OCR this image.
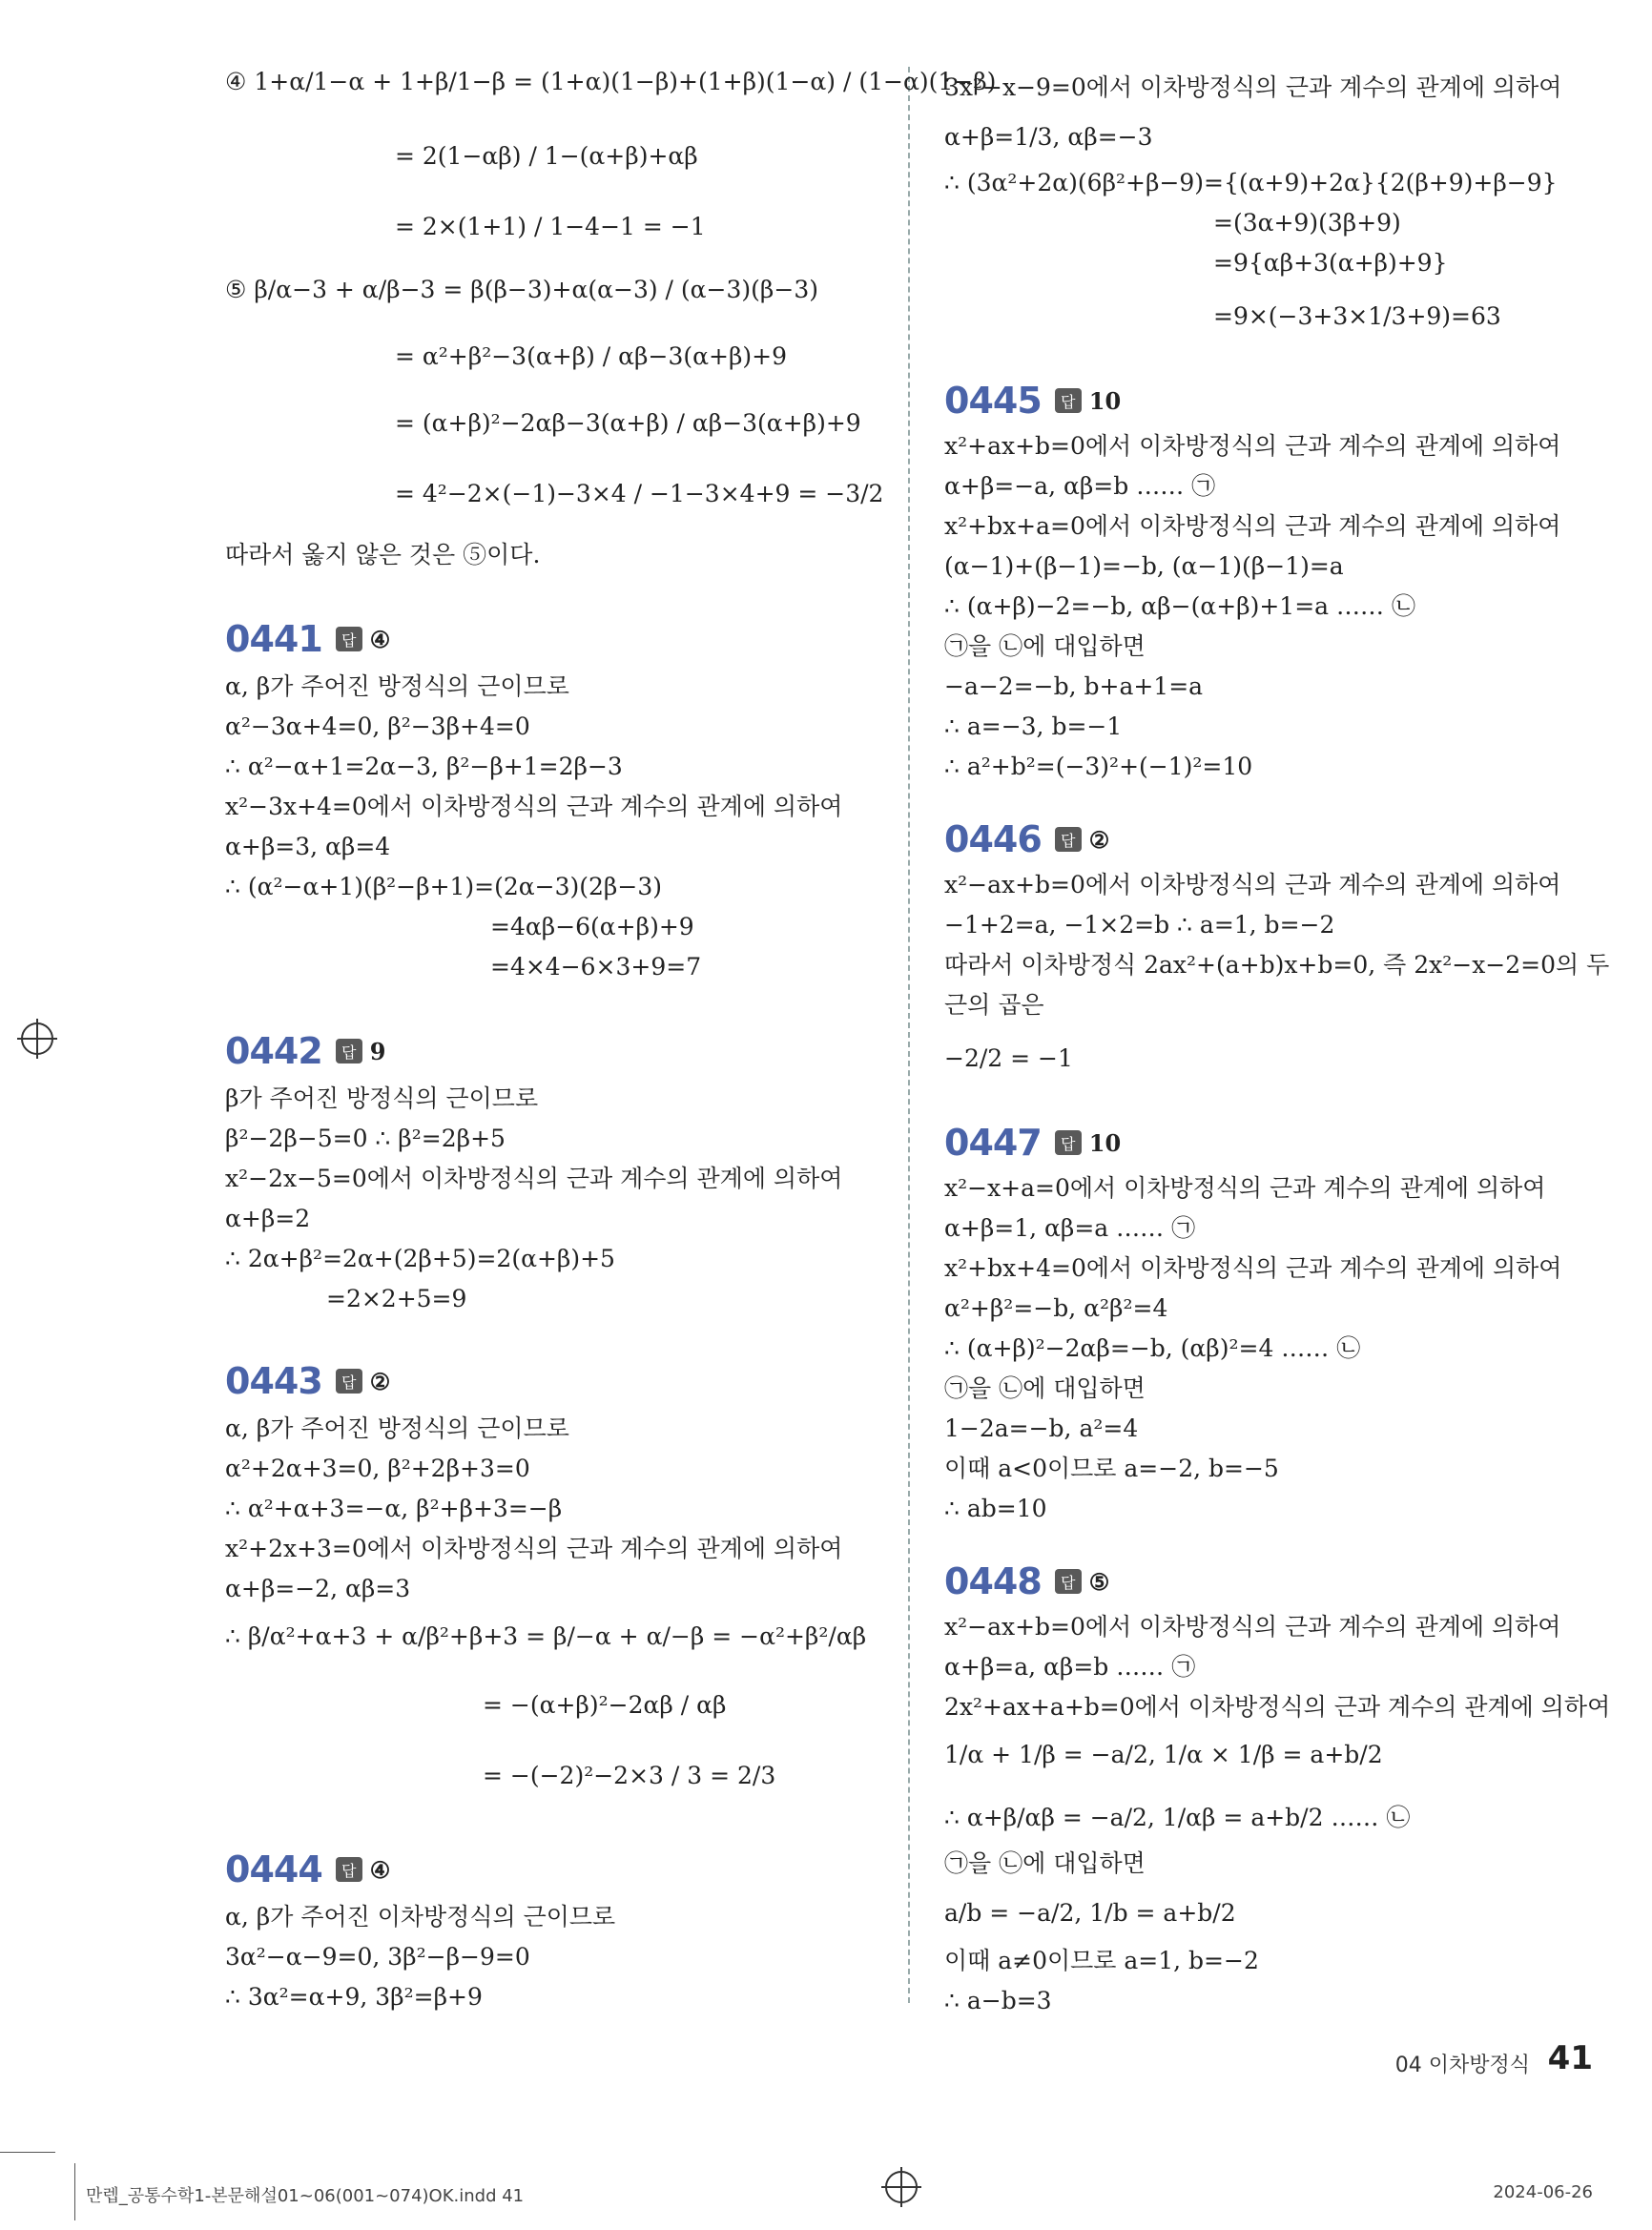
④ 1+α/1−α + 1+β/1−β = (1+α)(1−β)+(1+β)(1−α) / (1−α)(1−β)
= 2(1−αβ) / 1−(α+β)+αβ
= 2×(1+1) / 1−4−1 = −1
⑤ β/α−3 + α/β−3 = β(β−3)+α(α−3) / (α−3)(β−3)
= α²+β²−3(α+β) / αβ−3(α+β)+9
= (α+β)²−2αβ−3(α+β) / αβ−3(α+β)+9
= 4²−2×(−1)−3×4 / −1−3×4+9 = −3/2
따라서 옳지 않은 것은 ⑤이다.
0441	답 ④
α, β가 주어진 방정식의 근이므로
α²−3α+4=0, β²−3β+4=0
∴ α²−α+1=2α−3, β²−β+1=2β−3
x²−3x+4=0에서 이차방정식의 근과 계수의 관계에 의하여
α+β=3, αβ=4
∴ (α²−α+1)(β²−β+1)=(2α−3)(2β−3)
=4αβ−6(α+β)+9
=4×4−6×3+9=7
0442	답 9
β가 주어진 방정식의 근이므로
β²−2β−5=0 ∴ β²=2β+5
x²−2x−5=0에서 이차방정식의 근과 계수의 관계에 의하여
α+β=2
∴ 2α+β²=2α+(2β+5)=2(α+β)+5
=2×2+5=9
0443	답 ②
α, β가 주어진 방정식의 근이므로
α²+2α+3=0, β²+2β+3=0
∴ α²+α+3=−α, β²+β+3=−β
x²+2x+3=0에서 이차방정식의 근과 계수의 관계에 의하여
α+β=−2, αβ=3
∴ β/α²+α+3 + α/β²+β+3 = β/−α + α/−β = −α²+β²/αβ
= −(α+β)²−2αβ / αβ
= −(−2)²−2×3 / 3 = 2/3
0444	답 ④
α, β가 주어진 이차방정식의 근이므로
3α²−α−9=0, 3β²−β−9=0
∴ 3α²=α+9, 3β²=β+9
3x²−x−9=0에서 이차방정식의 근과 계수의 관계에 의하여
α+β=1/3, αβ=−3
∴ (3α²+2α)(6β²+β−9)={(α+9)+2α}{2(β+9)+β−9}
=(3α+9)(3β+9)
=9{αβ+3(α+β)+9}
=9×(−3+3×1/3+9)=63
0445	답 10
x²+ax+b=0에서 이차방정식의 근과 계수의 관계에 의하여
α+β=−a, αβ=b …… ㉠
x²+bx+a=0에서 이차방정식의 근과 계수의 관계에 의하여
(α−1)+(β−1)=−b, (α−1)(β−1)=a
∴ (α+β)−2=−b, αβ−(α+β)+1=a …… ㉡
㉠을 ㉡에 대입하면
−a−2=−b, b+a+1=a
∴ a=−3, b=−1
∴ a²+b²=(−3)²+(−1)²=10
0446	답 ②
x²−ax+b=0에서 이차방정식의 근과 계수의 관계에 의하여
−1+2=a, −1×2=b ∴ a=1, b=−2
따라서 이차방정식 2ax²+(a+b)x+b=0, 즉 2x²−x−2=0의 두
근의 곱은
−2/2 = −1
0447	답 10
x²−x+a=0에서 이차방정식의 근과 계수의 관계에 의하여
α+β=1, αβ=a …… ㉠
x²+bx+4=0에서 이차방정식의 근과 계수의 관계에 의하여
α²+β²=−b, α²β²=4
∴ (α+β)²−2αβ=−b, (αβ)²=4 …… ㉡
㉠을 ㉡에 대입하면
1−2a=−b, a²=4
이때 a<0이므로 a=−2, b=−5
∴ ab=10
0448	답 ⑤
x²−ax+b=0에서 이차방정식의 근과 계수의 관계에 의하여
α+β=a, αβ=b …… ㉠
2x²+ax+a+b=0에서 이차방정식의 근과 계수의 관계에 의하여
1/α + 1/β = −a/2, 1/α × 1/β = a+b/2
∴ α+β/αβ = −a/2, 1/αβ = a+b/2 …… ㉡
㉠을 ㉡에 대입하면
a/b = −a/2, 1/b = a+b/2
이때 a≠0이므로 a=1, b=−2
∴ a−b=3
04 이차방정식 41
만렙_공통수학1-본문해설01~06(001~074)OK.indd 41	2024-06-26
